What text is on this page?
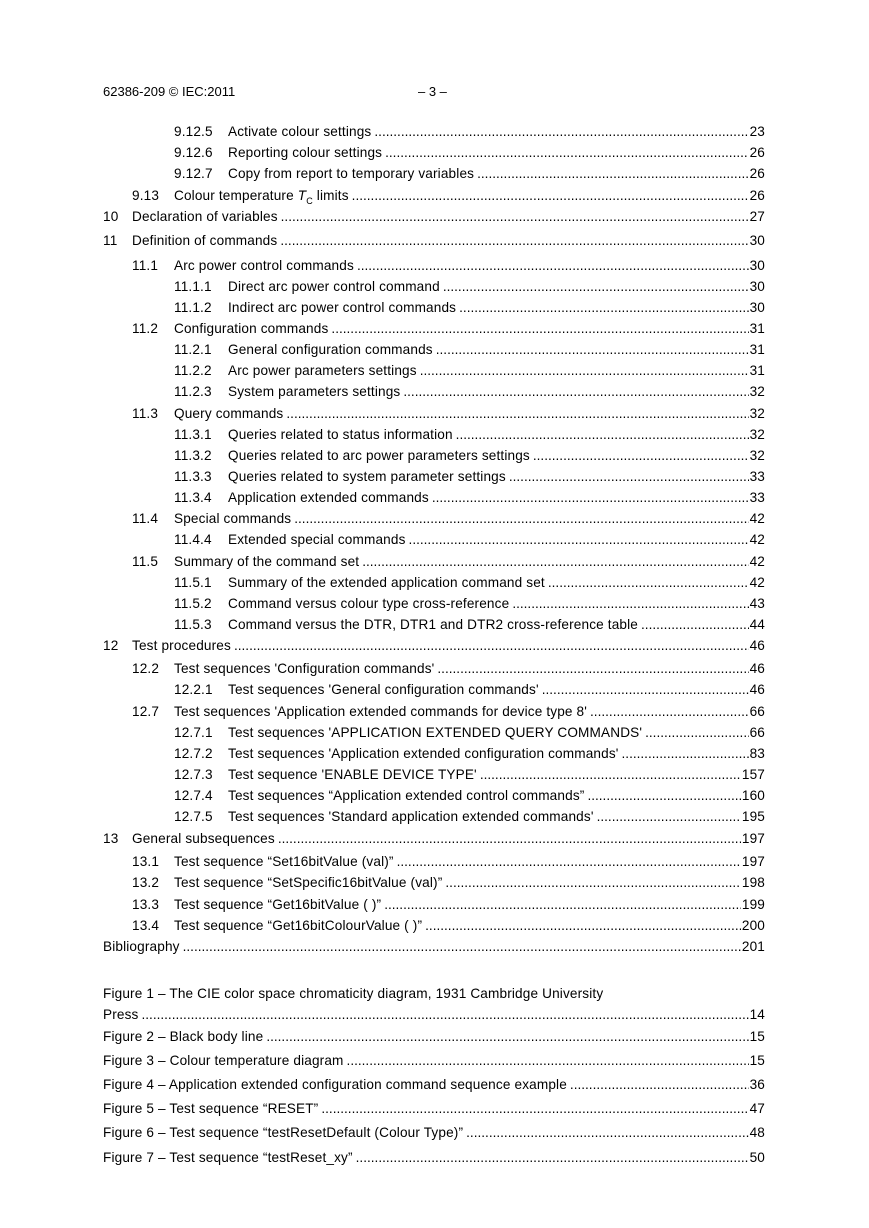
62386-209 © IEC:2011	– 3 –
9.12.5 Activate colour settings .....	23
9.12.6 Reporting colour settings .....	26
9.12.7 Copy from report to temporary variables .....	26
9.13 Colour temperature $T_C$ limits .....	26
10 Declaration of variables .....	27
11 Definition of commands .....	30
11.1 Arc power control commands .....	30
11.1.1 Direct arc power control command .....	30
11.1.2 Indirect arc power control commands .....	30
11.2 Configuration commands .....	31
11.2.1 General configuration commands .....	31
11.2.2 Arc power parameters settings .....	31
11.2.3 System parameters settings .....	32
11.3 Query commands .....	32
11.3.1 Queries related to status information .....	32
11.3.2 Queries related to arc power parameters settings .....	32
11.3.3 Queries related to system parameter settings .....	33
11.3.4 Application extended commands .....	33
11.4 Special commands .....	42
11.4.4 Extended special commands .....	42
11.5 Summary of the command set .....	42
11.5.1 Summary of the extended application command set .....	42
11.5.2 Command versus colour type cross-reference .....	43
11.5.3 Command versus the DTR, DTR1 and DTR2 cross-reference table .....	44
12 Test procedures .....	46
12.2 Test sequences 'Configuration commands' .....	46
12.2.1 Test sequences 'General configuration commands' .....	46
12.7 Test sequences 'Application extended commands for device type 8' .....	66
12.7.1 Test sequences 'APPLICATION EXTENDED QUERY COMMANDS' .....	66
12.7.2 Test sequences 'Application extended configuration commands' .....	83
12.7.3 Test sequence 'ENABLE DEVICE TYPE' .....	157
12.7.4 Test sequences “Application extended control commands” .....	160
12.7.5 Test sequences 'Standard application extended commands' .....	195
13 General subsequences .....	197
13.1 Test sequence “Set16bitValue (val)” .....	197
13.2 Test sequence “SetSpecific16bitValue (val)” .....	198
13.3 Test sequence “Get16bitValue ( )” .....	199
13.4 Test sequence “Get16bitColourValue ( )” .....	200
Bibliography .....	201
Figure 1 – The CIE color space chromaticity diagram, 1931 Cambridge University
Press .....	14
Figure 2 – Black body line .....	15
Figure 3 – Colour temperature diagram .....	15
Figure 4 – Application extended configuration command sequence example .....	36
Figure 5 – Test sequence “RESET” .....	47
Figure 6 – Test sequence “testResetDefault (Colour Type)” .....	48
Figure 7 – Test sequence “testReset_xy” .....	50
